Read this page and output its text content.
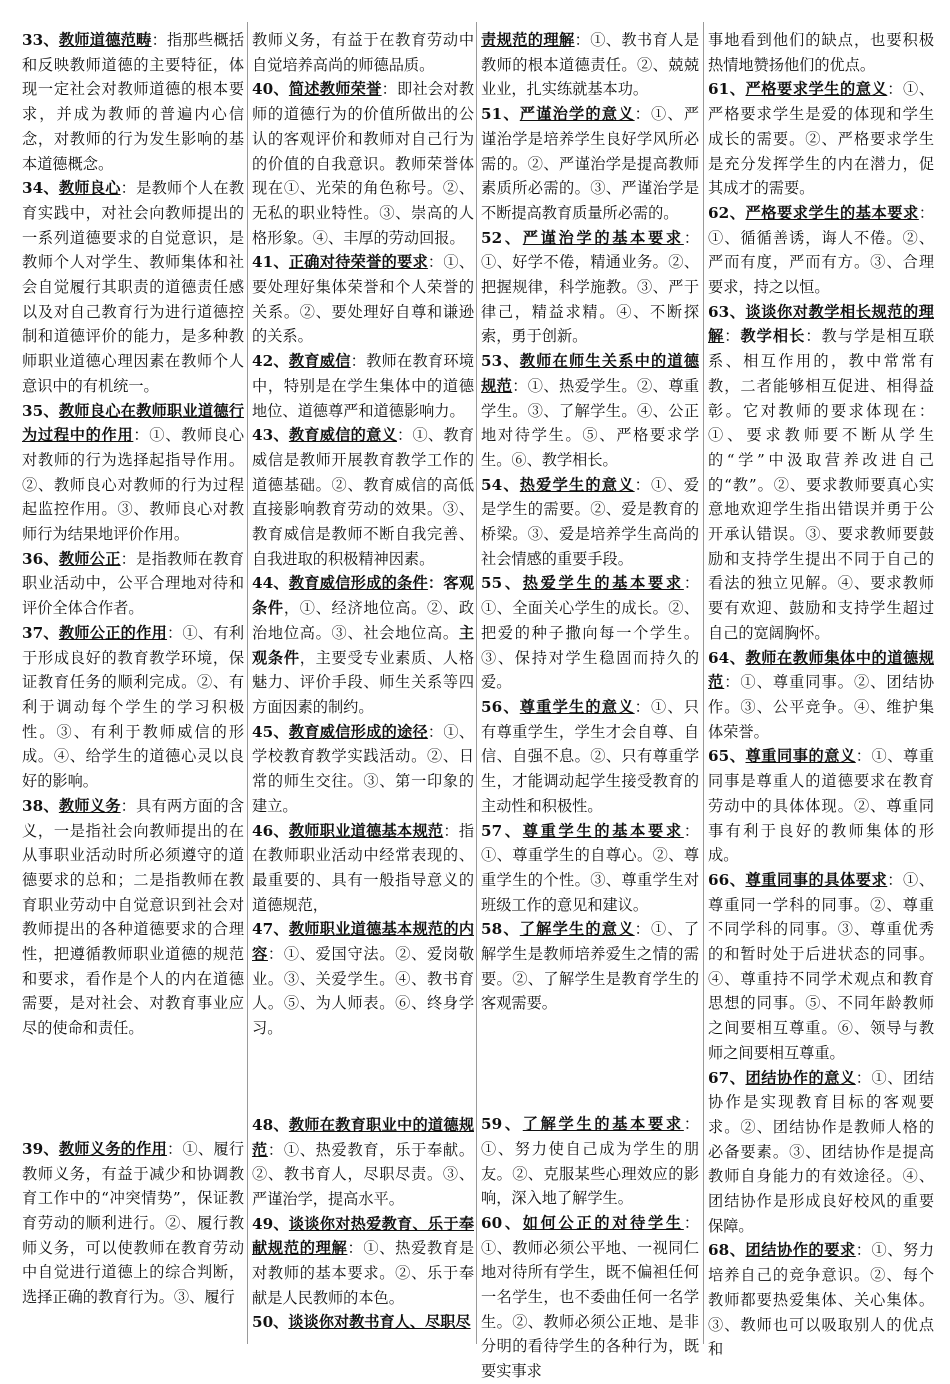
33、教师道德范畴：指那些概括和反映教师道德的主要特征，体现一定社会对教师道德的根本要求，并成为教师的普遍内心信念，对教师的行为发生影响的基本道德概念。
34、教师良心：是教师个人在教育实践中，对社会向教师提出的一系列道德要求的自觉意识，是教师个人对学生、教师集体和社会自觉履行其职责的道德责任感以及对自己教育行为进行道德控制和道德评价的能力，是多种教师职业道德心理因素在教师个人意识中的有机统一。
35、教师良心在教师职业道德行为过程中的作用：①、教师良心对教师的行为选择起指导作用。②、教师良心对教师的行为过程起监控作用。③、教师良心对教师行为结果地评价作用。
36、教师公正：是指教师在教育职业活动中，公平合理地对待和评价全体合作者。
37、教师公正的作用：①、有利于形成良好的教育教学环境，保证教育任务的顺利完成。②、有利于调动每个学生的学习积极性。③、有利于教师威信的形成。④、给学生的道德心灵以良好的影响。
38、教师义务：具有两方面的含义，一是指社会向教师提出的在从事职业活动时所必须遵守的道德要求的总和；二是指教师在教育职业劳动中自觉意识到社会对教师提出的各种道德要求的合理性，把遵循教师职业道德的规范和要求，看作是个人的内在道德需要，是对社会、对教育事业应尽的使命和责任。
39、教师义务的作用：①、履行教师义务，有益于减少和协调教育工作中的“冲突情势”，保证教育劳动的顺利进行。②、履行教师义务，可以使教师在教育劳动中自觉进行道德上的综合判断，选择正确的教育行为。③、履行
教师义务，有益于在教育劳动中自觉培养高尚的师德品质。
40、简述教师荣誉：即社会对教师的道德行为的价值所做出的公认的客观评价和教师对自己行为的价值的自我意识。教师荣誉体现在①、光荣的角色称号。②、无私的职业特性。③、崇高的人格形象。④、丰厚的劳动回报。
41、正确对待荣誉的要求：①、要处理好集体荣誉和个人荣誉的关系。②、要处理好自尊和谦逊的关系。
42、教育威信：教师在教育环境中，特别是在学生集体中的道德地位、道德尊严和道德影响力。
43、教育威信的意义：①、教育威信是教师开展教育教学工作的道德基础。②、教育威信的高低直接影响教育劳动的效果。③、教育威信是教师不断自我完善、自我进取的积极精神因素。
44、教育威信形成的条件：客观条件，①、经济地位高。②、政治地位高。③、社会地位高。主观条件，主要受专业素质、人格魅力、评价手段、师生关系等四方面因素的制约。
45、教育威信形成的途径：①、学校教育教学实践活动。②、日常的师生交往。③、第一印象的建立。
46、教师职业道德基本规范：指在教师职业活动中经常表现的、最重要的、具有一般指导意义的道德规范，
47、教师职业道德基本规范的内容：①、爱国守法。②、爱岗敬业。③、关爱学生。④、教书育人。⑤、为人师表。⑥、终身学习。
48、教师在教育职业中的道德规范：①、热爱教育，乐于奉献。②、教书育人，尽职尽责。③、严谨治学，提高水平。
49、谈谈你对热爱教育、乐于奉献规范的理解：①、热爱教育是对教师的基本要求。②、乐于奉献是人民教师的本色。
50、谈谈你对教书育人、尽职尽
责规范的理解：①、教书育人是教师的根本道德责任。②、兢兢业业，扎实练就基本功。
51、严谨治学的意义：①、严谨治学是培养学生良好学风所必需的。②、严谨治学是提高教师素质所必需的。③、严谨治学是不断提高教育质量所必需的。
52、严谨治学的基本要求：①、好学不倦，精通业务。②、把握规律，科学施教。③、严于律己，精益求精。④、不断探索，勇于创新。
53、教师在师生关系中的道德规范：①、热爱学生。②、尊重学生。③、了解学生。④、公正地对待学生。⑤、严格要求学生。⑥、教学相长。
54、热爱学生的意义：①、爱是学生的需要。②、爱是教育的桥梁。③、爱是培养学生高尚的社会情感的重要手段。
55、热爱学生的基本要求：①、全面关心学生的成长。②、把爱的种子撒向每一个学生。③、保持对学生稳固而持久的爱。
56、尊重学生的意义：①、只有尊重学生，学生才会自尊、自信、自强不息。②、只有尊重学生，才能调动起学生接受教育的主动性和积极性。
57、尊重学生的基本要求：①、尊重学生的自尊心。②、尊重学生的个性。③、尊重学生对班级工作的意见和建议。
58、了解学生的意义：①、了解学生是教师培养爱生之情的需要。②、了解学生是教育学生的客观需要。
59、了解学生的基本要求：①、努力使自己成为学生的朋友。②、克服某些心理效应的影响，深入地了解学生。
60、如何公正的对待学生：①、教师必须公平地、一视同仁地对待所有学生，既不偏袒任何一名学生，也不委曲任何一名学生。②、教师必须公正地、是非分明的看待学生的各种行为，既要实事求
事地看到他们的缺点，也要积极热情地赞扬他们的优点。
61、严格要求学生的意义：①、严格要求学生是爱的体现和学生成长的需要。②、严格要求学生是充分发挥学生的内在潜力，促其成才的需要。
62、严格要求学生的基本要求：①、循循善诱，诲人不倦。②、严而有度，严而有方。③、合理要求，持之以恒。
63、谈谈你对教学相长规范的理解：教学相长：教与学是相互联系、相互作用的，教中常常有教，二者能够相互促进、相得益彰。它对教师的要求体现在：①、要求教师要不断从学生的“学”中汲取营养改进自己的“教”。②、要求教师要真心实意地欢迎学生指出错误并勇于公开承认错误。③、要求教师要鼓励和支持学生提出不同于自己的看法的独立见解。④、要求教师要有欢迎、鼓励和支持学生超过自己的宽阔胸怀。
64、教师在教师集体中的道德规范：①、尊重同事。②、团结协作。③、公平竞争。④、维护集体荣誉。
65、尊重同事的意义：①、尊重同事是尊重人的道德要求在教育劳动中的具体体现。②、尊重同事有利于良好的教师集体的形成。
66、尊重同事的具体要求：①、尊重同一学科的同事。②、尊重不同学科的同事。③、尊重优秀的和暂时处于后进状态的同事。④、尊重持不同学术观点和教育思想的同事。⑤、不同年龄教师之间要相互尊重。⑥、领导与教师之间要相互尊重。
67、团结协作的意义：①、团结协作是实现教育目标的客观要求。②、团结协作是教师人格的必备要素。③、团结协作是提高教师自身能力的有效途径。④、团结协作是形成良好校风的重要保障。
68、团结协作的要求：①、努力培养自己的竞争意识。②、每个教师都要热爱集体、关心集体。③、教师也可以吸取别人的优点和
